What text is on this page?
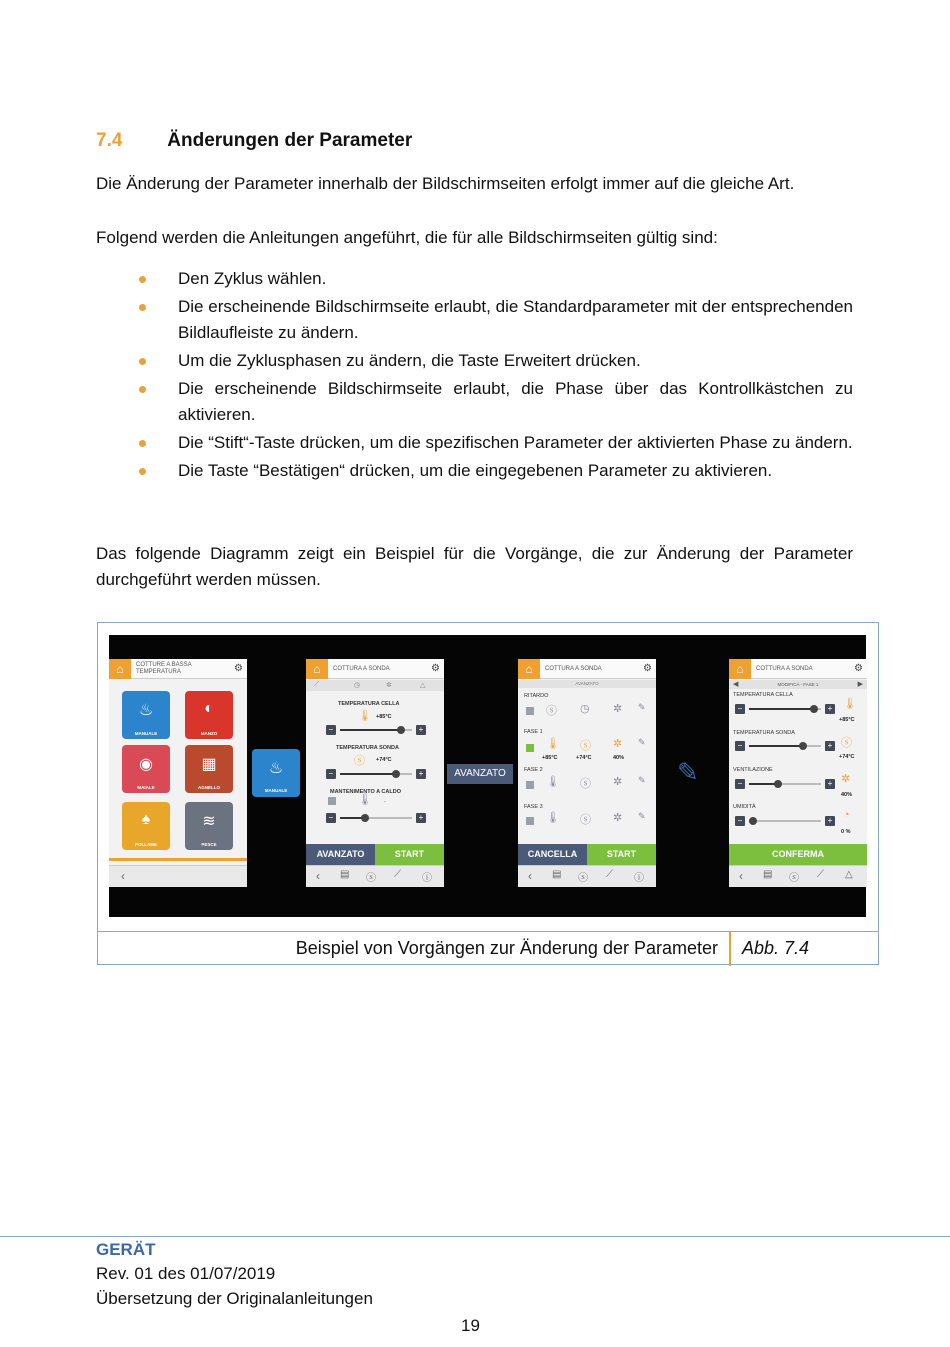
7.4 Änderungen der Parameter
Die Änderung der Parameter innerhalb der Bildschirmseiten erfolgt immer auf die gleiche Art.
Folgend werden die Anleitungen angeführt, die für alle Bildschirmseiten gültig sind:
Den Zyklus wählen.
Die erscheinende Bildschirmseite erlaubt, die Standardparameter mit der entsprechenden Bildlaufleiste zu ändern.
Um die Zyklusphasen zu ändern, die Taste Erweitert drücken.
Die erscheinende Bildschirmseite erlaubt, die Phase über das Kontrollkästchen zu aktivieren.
Die “Stift“-Taste drücken, um die spezifischen Parameter der aktivierten Phase zu ändern.
Die Taste “Bestätigen“ drücken, um die eingegebenen Parameter zu aktivieren.
Das folgende Diagramm zeigt ein Beispiel für die Vorgänge, die zur Änderung der Parameter durchgeführt werden müssen.
⌂	COTTURE A BASSA TEMPERATURA	⚙
♨
MANUALE
◐
MANZO
◉
MAIALE
▦
AGNELLO
♠
POLLAME
≋
PESCE
‹
♨
MANUALE
⌂	COTTURA A SONDA	⚙
⟋	◷	✲	△
TEMPERATURA CELLA
🌡 +85°C
−	+
TEMPERATURA SONDA
ⓢ +74°C
−	+
MANTENIMENTO A CALDO
🌡 -
−	+
AVANZATO	START
‹ ▤ ⓢ ⟋ ⓘ
AVANZATO
⌂	COTTURA A SONDA	⚙
AVANZATO
RITARDO
ⓢ ◷ ✲ ✎
FASE 1
🌡 ⓢ ✲ ✎
+85°C	+74°C	40%
FASE 2
🌡 ⓢ ✲ ✎
FASE 3
🌡 ⓢ ✲ ✎
CANCELLA	START
‹ ▤ ⓢ ⟋ ⓘ
✎
⌂	COTTURA A SONDA	⚙
◀	MODIFICA - FASE 1	▶
TEMPERATURA CELLA
🌡
−	+
+85°C
TEMPERATURA SONDA
ⓢ
−	+
+74°C
VENTILAZIONE
✲
−	+
40%
UMIDITÀ
◔
−	+
0 %
CONFERMA
‹ ▤ ⓢ ⟋ △
Beispiel von Vorgängen zur Änderung der Parameter Abb. 7.4
GERÄT
Rev. 01 des 01/07/2019
Übersetzung der Originalanleitungen
19
